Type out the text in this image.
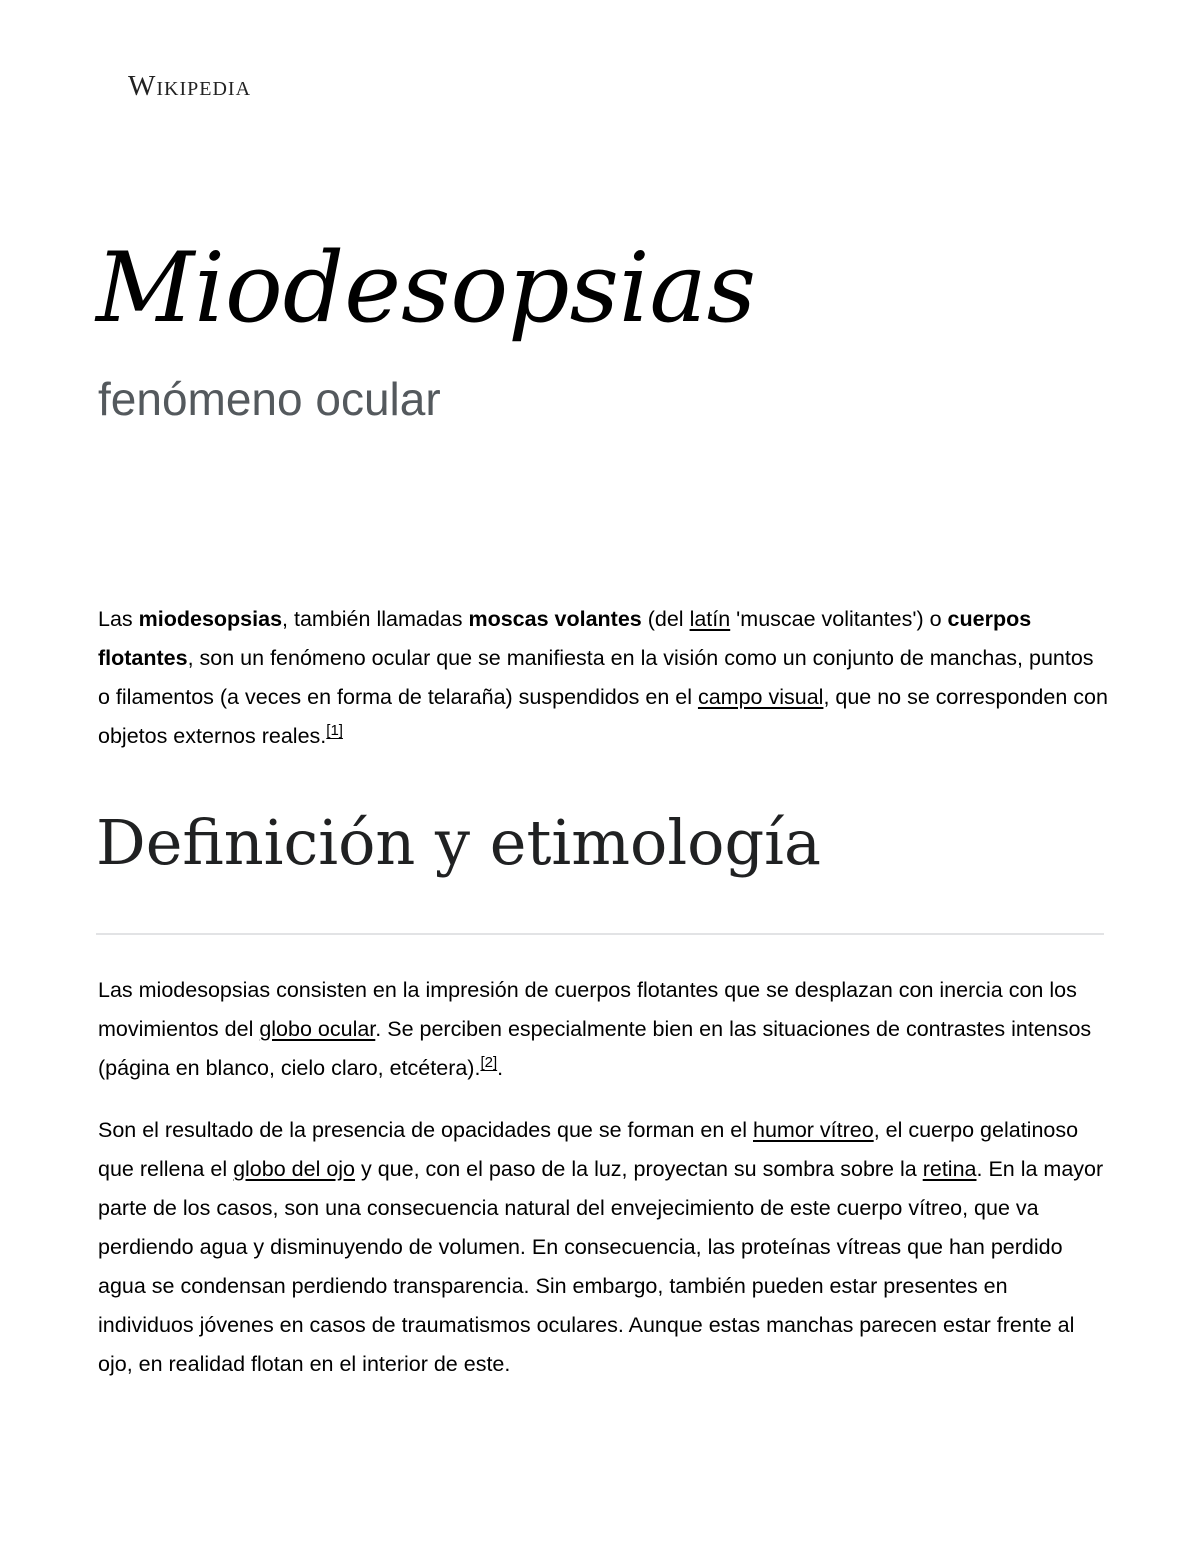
Wikipedia
Miodesopsias
fenómeno ocular

Las miodesopsias, también llamadas moscas volantes (del latín 'muscae volitantes') o cuerpos flotantes, son un fenómeno ocular que se manifiesta en la visión como un conjunto de manchas, puntos o filamentos (a veces en forma de telaraña) suspendidos en el campo visual, que no se corresponden con objetos externos reales.[1]

Definición y etimología

Las miodesopsias consisten en la impresión de cuerpos flotantes que se desplazan con inercia con los movimientos del globo ocular. Se perciben especialmente bien en las situaciones de contrastes intensos (página en blanco, cielo claro, etcétera).[2].

Son el resultado de la presencia de opacidades que se forman en el humor vítreo, el cuerpo gelatinoso que rellena el globo del ojo y que, con el paso de la luz, proyectan su sombra sobre la retina. En la mayor parte de los casos, son una consecuencia natural del envejecimiento de este cuerpo vítreo, que va perdiendo agua y disminuyendo de volumen. En consecuencia, las proteínas vítreas que han perdido agua se condensan perdiendo transparencia. Sin embargo, también pueden estar presentes en individuos jóvenes en casos de traumatismos oculares. Aunque estas manchas parecen estar frente al ojo, en realidad flotan en el interior de este.
